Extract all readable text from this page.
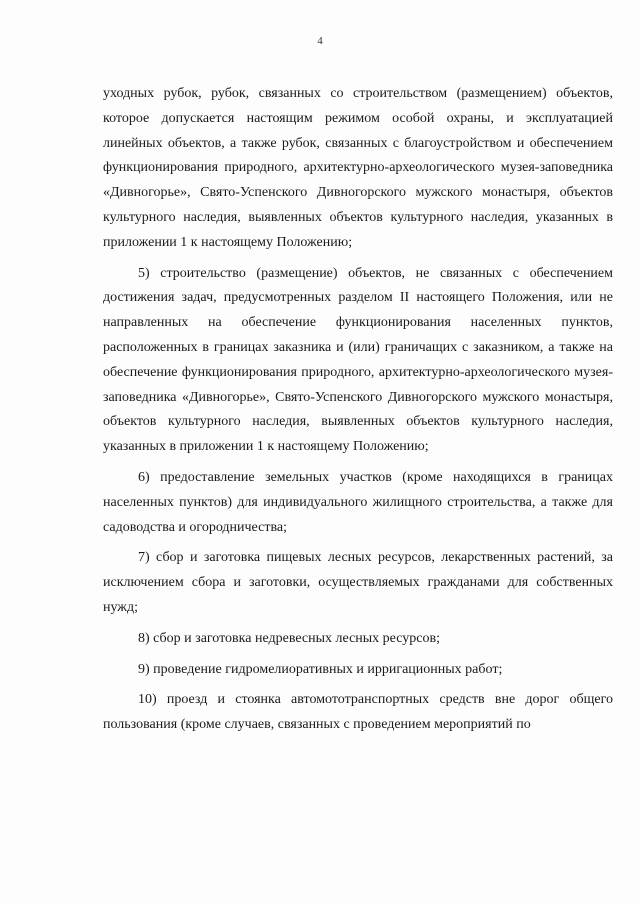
4

уходных рубок, рубок, связанных со строительством (размещением) объектов, которое допускается настоящим режимом особой охраны, и эксплуатацией линейных объектов, а также рубок, связанных с благоустройством и обеспечением функционирования природного, архитектурно-археологического музея-заповедника «Дивногорье», Свято-Успенского Дивногорского мужского монастыря, объектов культурного наследия, выявленных объектов культурного наследия, указанных в приложении 1 к настоящему Положению;

5) строительство (размещение) объектов, не связанных с обеспечением достижения задач, предусмотренных разделом II настоящего Положения, или не направленных на обеспечение функционирования населенных пунктов, расположенных в границах заказника и (или) граничащих с заказником, а также на обеспечение функционирования природного, архитектурно-археологического музея-заповедника «Дивногорье», Свято-Успенского Дивногорского мужского монастыря, объектов культурного наследия, выявленных объектов культурного наследия, указанных в приложении 1 к настоящему Положению;

6) предоставление земельных участков (кроме находящихся в границах населенных пунктов) для индивидуального жилищного строительства, а также для садоводства и огородничества;

7) сбор и заготовка пищевых лесных ресурсов, лекарственных растений, за исключением сбора и заготовки, осуществляемых гражданами для собственных нужд;

8) сбор и заготовка недревесных лесных ресурсов;

9) проведение гидромелиоративных и ирригационных работ;

10) проезд и стоянка автомототранспортных средств вне дорог общего пользования (кроме случаев, связанных с проведением мероприятий по
